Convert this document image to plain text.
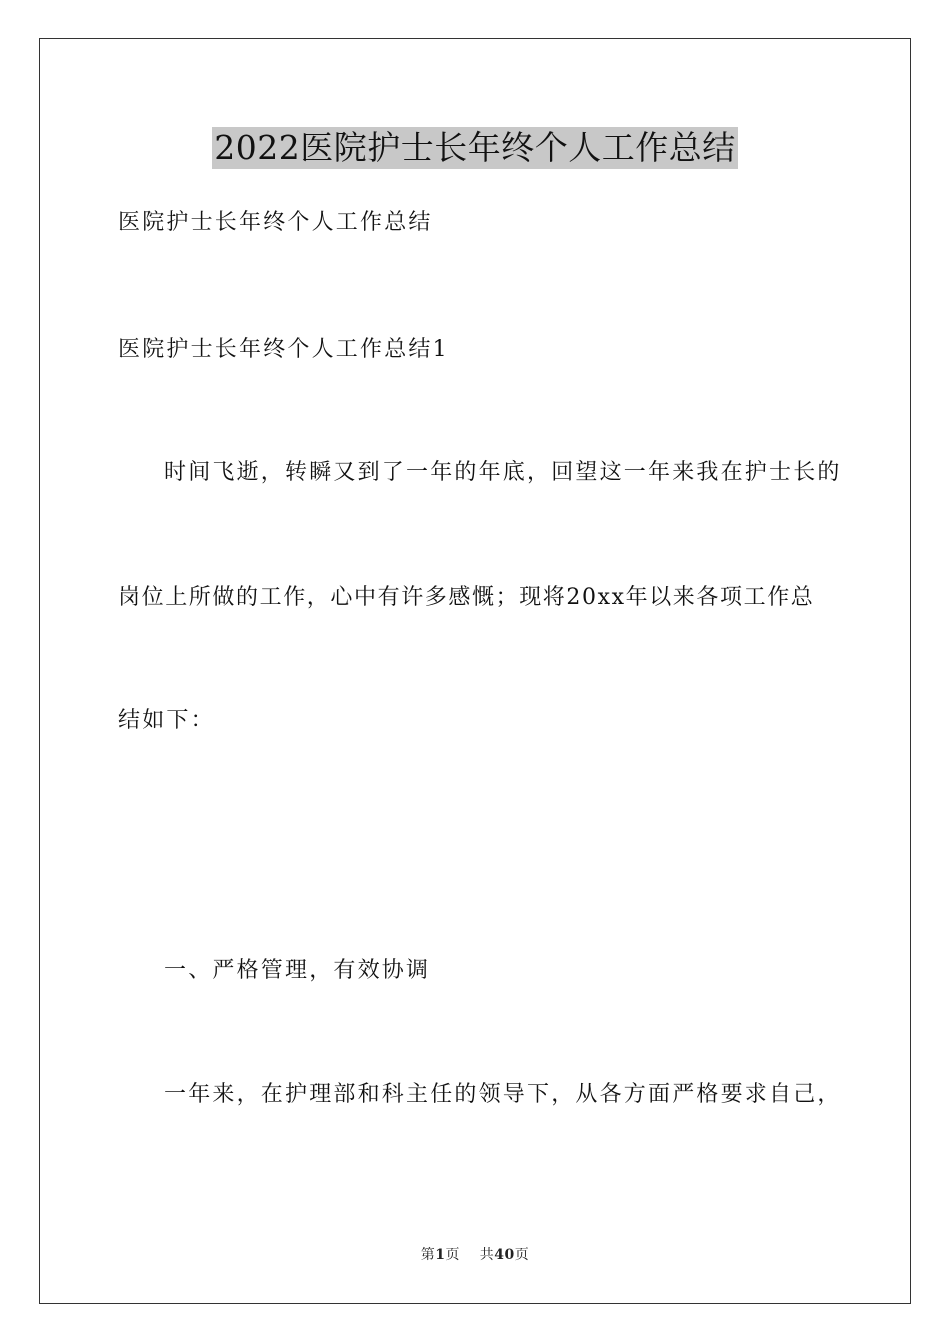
2022医院护士长年终个人工作总结

医院护士长年终个人工作总结

医院护士长年终个人工作总结1

时间飞逝，转瞬又到了一年的年底，回望这一年来我在护士长的

岗位上所做的工作，心中有许多感慨；现将20xx年以来各项工作总

结如下：

一、严格管理，有效协调

一年来，在护理部和科主任的领导下，从各方面严格要求自己，

第1页 共40页
